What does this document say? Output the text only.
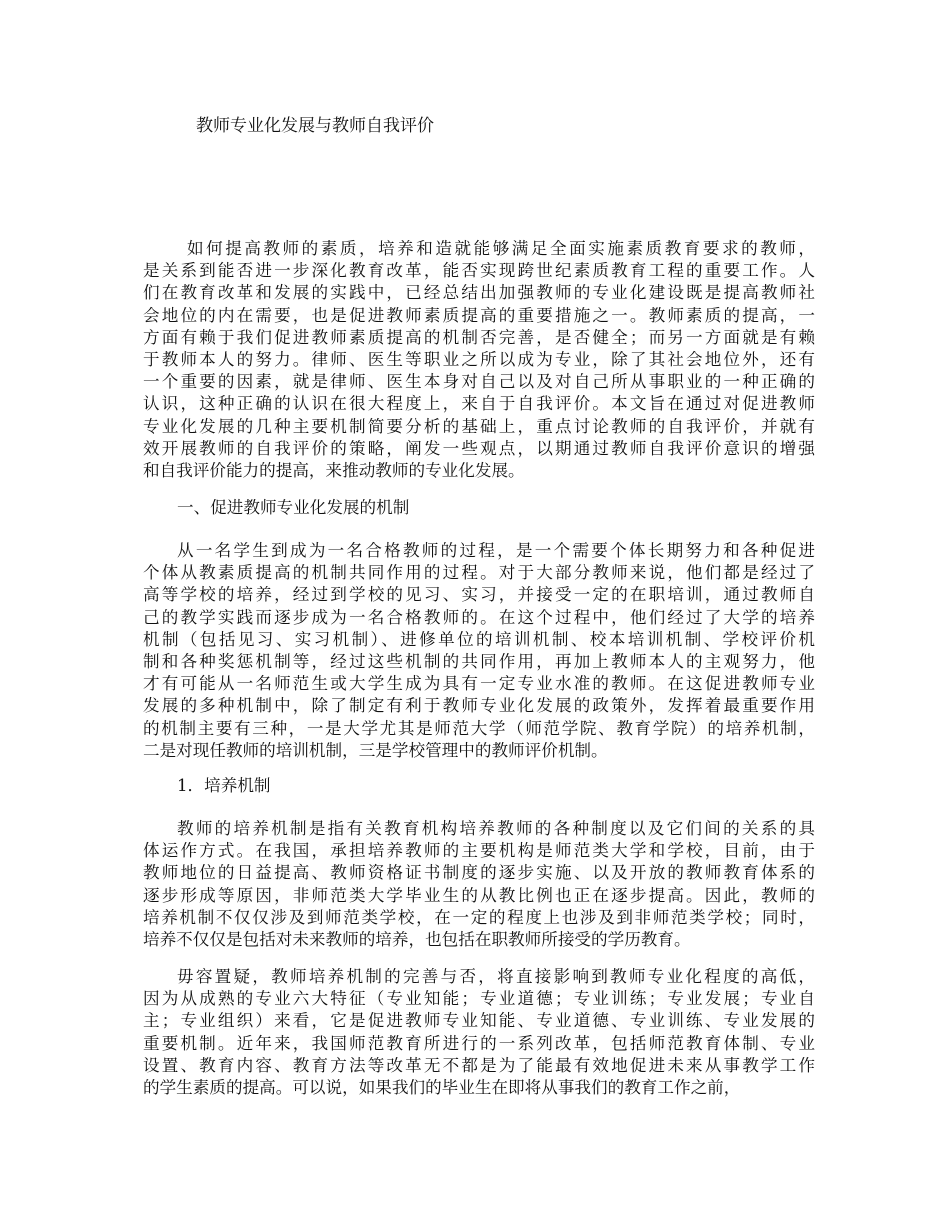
教师专业化发展与教师自我评价
如何提高教师的素质，培养和造就能够满足全面实施素质教育要求的教师，
是关系到能否进一步深化教育改革，能否实现跨世纪素质教育工程的重要工作。人
们在教育改革和发展的实践中，已经总结出加强教师的专业化建设既是提高教师社
会地位的内在需要，也是促进教师素质提高的重要措施之一。教师素质的提高，一
方面有赖于我们促进教师素质提高的机制否完善，是否健全；而另一方面就是有赖
于教师本人的努力。律师、医生等职业之所以成为专业，除了其社会地位外，还有
一个重要的因素，就是律师、医生本身对自己以及对自己所从事职业的一种正确的
认识，这种正确的认识在很大程度上，来自于自我评价。本文旨在通过对促进教师
专业化发展的几种主要机制简要分析的基础上，重点讨论教师的自我评价，并就有
效开展教师的自我评价的策略，阐发一些观点，以期通过教师自我评价意识的增强
和自我评价能力的提高，来推动教师的专业化发展。
一、促进教师专业化发展的机制
从一名学生到成为一名合格教师的过程，是一个需要个体长期努力和各种促进
个体从教素质提高的机制共同作用的过程。对于大部分教师来说，他们都是经过了
高等学校的培养，经过到学校的见习、实习，并接受一定的在职培训，通过教师自
己的教学实践而逐步成为一名合格教师的。在这个过程中，他们经过了大学的培养
机制（包括见习、实习机制）、进修单位的培训机制、校本培训机制、学校评价机
制和各种奖惩机制等，经过这些机制的共同作用，再加上教师本人的主观努力，他
才有可能从一名师范生或大学生成为具有一定专业水准的教师。在这促进教师专业
发展的多种机制中，除了制定有利于教师专业化发展的政策外，发挥着最重要作用
的机制主要有三种，一是大学尤其是师范大学（师范学院、教育学院）的培养机制，
二是对现任教师的培训机制，三是学校管理中的教师评价机制。
1．培养机制
教师的培养机制是指有关教育机构培养教师的各种制度以及它们间的关系的具
体运作方式。在我国，承担培养教师的主要机构是师范类大学和学校，目前，由于
教师地位的日益提高、教师资格证书制度的逐步实施、以及开放的教师教育体系的
逐步形成等原因，非师范类大学毕业生的从教比例也正在逐步提高。因此，教师的
培养机制不仅仅涉及到师范类学校，在一定的程度上也涉及到非师范类学校；同时，
培养不仅仅是包括对未来教师的培养，也包括在职教师所接受的学历教育。
毋容置疑，教师培养机制的完善与否，将直接影响到教师专业化程度的高低，
因为从成熟的专业六大特征（专业知能；专业道德；专业训练；专业发展；专业自
主；专业组织）来看，它是促进教师专业知能、专业道德、专业训练、专业发展的
重要机制。近年来，我国师范教育所进行的一系列改革，包括师范教育体制、专业
设置、教育内容、教育方法等改革无不都是为了能最有效地促进未来从事教学工作
的学生素质的提高。可以说，如果我们的毕业生在即将从事我们的教育工作之前，
